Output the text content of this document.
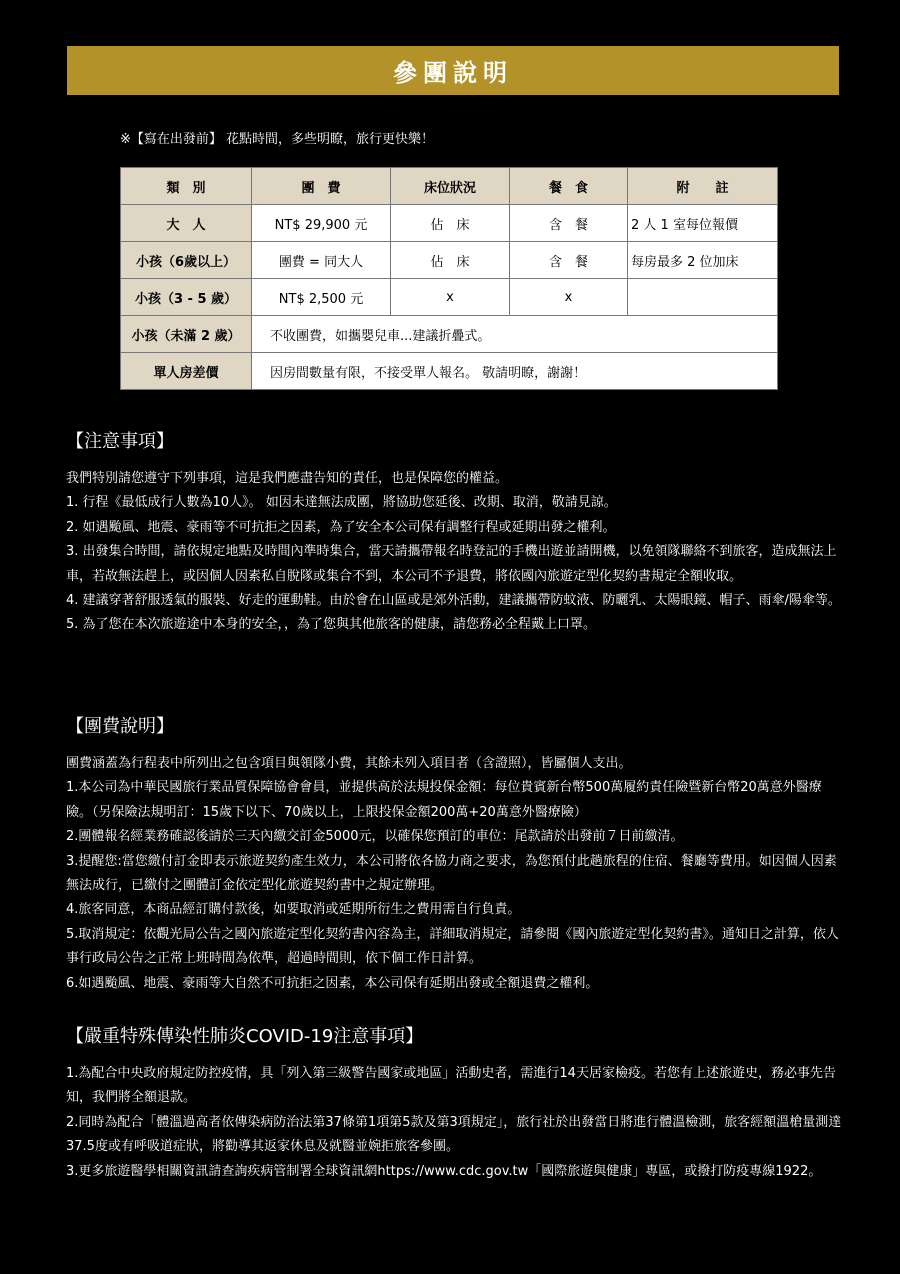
參團說明
※【寫在出發前】 花點時間，多些明瞭，旅行更快樂！
類　別	團　費	床位狀況	餐　食	附　　註
大　人	NT$ 29,900 元	佔　床	含　餐	2 人 1 室每位報價
小孩（6歲以上）	團費 = 同大人	佔　床	含　餐	每房最多 2 位加床
小孩（3 - 5 歲）	NT$ 2,500 元	x	x	
小孩（未滿 2 歲）	不收團費，如攜嬰兒車...建議折疊式。			
單人房差價	因房間數量有限，不接受單人報名。 敬請明瞭，謝謝！			
【注意事項】

我們特別請您遵守下列事項，這是我們應盡告知的責任，也是保障您的權益。

1. 行程《最低成行人數為10人》。 如因未達無法成團，將協助您延後、改期、取消，敬請見諒。

2. 如遇颱風、地震、豪雨等不可抗拒之因素，為了安全本公司保有調整行程或延期出發之權利。

3. 出發集合時間，請依規定地點及時間內準時集合，當天請攜帶報名時登記的手機出遊並請開機，以免領隊聯絡不到旅客，造成無法上車，若故無法趕上，或因個人因素私自脫隊或集合不到，本公司不予退費，將依國內旅遊定型化契約書規定全額收取。

4. 建議穿著舒服透氣的服裝、好走的運動鞋。由於會在山區或是郊外活動，建議攜帶防蚊液、防曬乳、太陽眼鏡、帽子、雨傘/陽傘等。

5. 為了您在本次旅遊途中本身的安全，，為了您與其他旅客的健康，請您務必全程戴上口罩。

【團費說明】

團費涵蓋為行程表中所列出之包含項目與領隊小費，其餘未列入項目者（含證照），皆屬個人支出。

1.本公司為中華民國旅行業品質保障協會會員，並提供高於法規投保金額：每位貴賓新台幣500萬履約責任險暨新台幣20萬意外醫療險。（另保險法規明訂：15歲下以下、70歲以上，上限投保金額200萬+20萬意外醫療險）

2.團體報名經業務確認後請於三天內繳交訂金5000元，以確保您預訂的車位：尾款請於出發前７日前繳清。

3.提醒您:當您繳付訂金即表示旅遊契約產生效力，本公司將依各協力商之要求，為您預付此趟旅程的住宿、餐廳等費用。如因個人因素無法成行，已繳付之團體訂金依定型化旅遊契約書中之規定辦理。

4.旅客同意，本商品經訂購付款後，如要取消或延期所衍生之費用需自行負責。

5.取消規定：依觀光局公告之國內旅遊定型化契約書內容為主，詳細取消規定，請參閱《國內旅遊定型化契約書》。通知日之計算，依人事行政局公告之正常上班時間為依準，超過時間則，依下個工作日計算。

6.如遇颱風、地震、豪雨等大自然不可抗拒之因素，本公司保有延期出發或全額退費之權利。

【嚴重特殊傳染性肺炎COVID-19注意事項】

1.為配合中央政府規定防控疫情，具「列入第三級警告國家或地區」活動史者，需進行14天居家檢疫。若您有上述旅遊史，務必事先告知，我們將全額退款。

2.同時為配合「體溫過高者依傳染病防治法第37條第1項第5款及第3項規定」，旅行社於出發當日將進行體溫檢測，旅客經額溫槍量測達37.5度或有呼吸道症狀，將勸導其返家休息及就醫並婉拒旅客參團。

3.更多旅遊醫學相關資訊請查詢疾病管制署全球資訊網https://www.cdc.gov.tw「國際旅遊與健康」專區，或撥打防疫專線1922。
